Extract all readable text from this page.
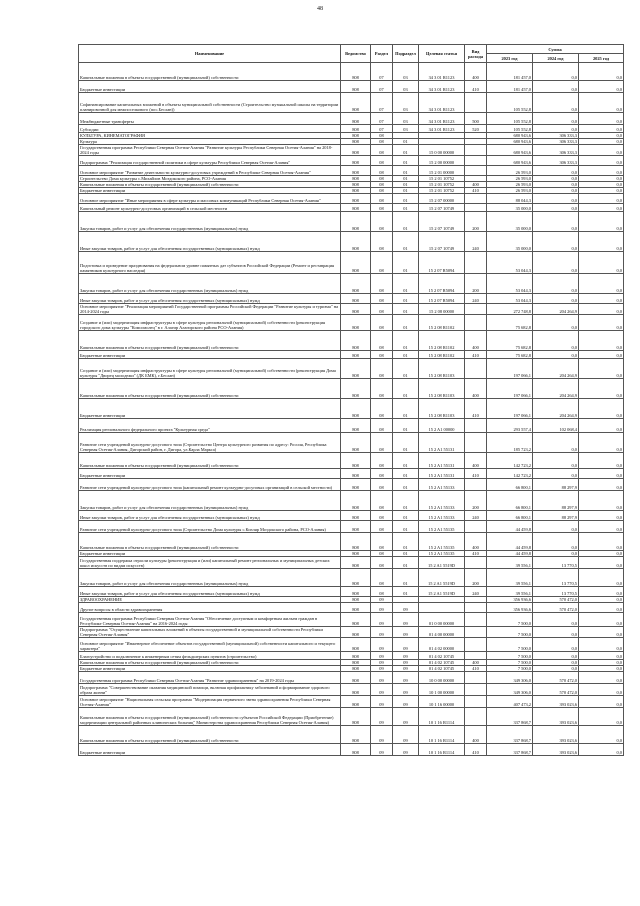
48
Наименование	Ведомство	Раздел	Подраздел	Целевая статья	Вид расхода	Сумма		
						2023 год	2024 год	2025 год
Капитальные вложения в объекты государственной (муниципальной) собственности	808	07	03	34 3 01 R1123	400	181 457,0	0,0	0,0
Бюджетные инвестиции	808	07	03	34 3 01 R1123	410	181 457,0	0,0	0,0
Софинансирование капитальных вложений в объекты муниципальной собственности (Строительство музыкальной школы на территории планировочной для межпоселкового (пос.Беслан))	808	07	03	34 3 01 R1123		105 552,8	0,0	0,0
Межбюджетные трансферты	808	07	03	34 3 01 R1123	500	105 552,8	0,0	0,0
Субсидии	808	07	03	34 3 01 R1123	520	105 552,8	0,0	0,0
КУЛЬТУРА, КИНЕМАТОГРАФИЯ	808	08				680 943,6	306 333,3	0,0
Культура	808	08	01			680 943,6	306 333,3	0,0
Государственная программа Республики Северная Осетия-Алания "Развитие культуры Республики Северная Осетия-Алания" на 2018-2024 годы	808	08	01	15 0 00 00000		680 943,6	306 333,3	0,0
Подпрограмма "Реализация государственной политики в сфере культуры Республики Северная Осетия-Алания"	808	08	01	15 2 00 00000		680 943,6	306 333,3	0,0
Основное мероприятие "Развитие деятельности культурно-досуговых учреждений в Республике Северная Осетия-Алания"	808	08	01	15 2 01 00000		26 593,0	0,0	0,0
Строительство Дома культуры с.Михайлов Моздокского района, РСО-Алания	808	08	01	15 2 01 10752		26 593,0	0,0	0,0
Капитальные вложения в объекты государственной (муниципальной) собственности	808	08	01	15 2 01 10752	400	26 593,0	0,0	0,0
Бюджетные инвестиции	808	08	01	15 2 01 10752	410	26 593,0	0,0	0,0
Основное мероприятие "Иные мероприятия в сфере культуры и массовых коммуникаций Республики Северная Осетия-Алания"	808	08	01	15 2 07 00000		88 044,3	0,0	0,0
Капитальный ремонт культурно-досуговых организаций в сельской местности	808	08	01	15 2 07 10749		35 000,0	0,0	0,0
Закупка товаров, работ и услуг для обеспечения государственных (муниципальных) нужд	808	08	01	15 2 07 10749	200	35 000,0	0,0	0,0
Иные закупки товаров, работ и услуг для обеспечения государственных (муниципальных) нужд	808	08	01	15 2 07 10749	240	35 000,0	0,0	0,0
Подготовка и проведение празднования на федеральном уровне памятных дат субъектов Российской Федерации (Ремонт и реставрация памятников культурного наследия)	808	08	01	15 2 07 R5094		53 044,3	0,0	0,0
Закупка товаров, работ и услуг для обеспечения государственных (муниципальных) нужд	808	08	01	15 2 07 R5094	200	53 044,3	0,0	0,0
Иные закупки товаров, работ и услуг для обеспечения государственных (муниципальных) нужд	808	08	01	15 2 07 R5094	240	53 044,3	0,0	0,0
Основное мероприятие "Реализация мероприятий Государственной программы Российской Федерации "Развитие культуры и туризма" на 2014-2024 годы	808	08	01	15 2 08 00000		272 748,8	204 264,9	0,0
Создание и (или) модернизация инфраструктуры в сфере культуры региональной (муниципальной) собственности (реконструкция городского дома культуры "Комсомолец" в г. Алагир Алагирского района РСО-Алания)	808	08	01	15 2 08 R1102		75 682,8	0,0	0,0
Капитальные вложения в объекты государственной (муниципальной) собственности	808	08	01	15 2 08 R1102	400	75 682,8	0,0	0,0
Бюджетные инвестиции	808	08	01	15 2 08 R1102	410	75 682,8	0,0	0,0
Создание и (или) модернизация инфраструктуры в сфере культуры региональной (муниципальной) собственности (реконструкция Дома культуры "Дворец молодежи" (ДК БМК), г.Беслан)	808	08	01	15 2 08 R1103		197 066,1	204 264,9	0,0
Капитальные вложения в объекты государственной (муниципальной) собственности	808	08	01	15 2 08 R1103	400	197 066,1	204 264,9	0,0
Бюджетные инвестиции	808	08	01	15 2 08 R1103	410	197 066,1	204 264,9	0,0
Реализация регионального федерального проекта "Культурная среда"	808	08	01	15 2 A1 00000		293 557,4	102 068,4	0,0
Развитие сети учреждений культурно-досугового типа (Строительство Центра культурного развития по адресу: Россия, Республика Северная Осетия-Алания, Дигорский район, г. Дигора, ул.Карла Маркса)	808	08	01	15 2 A1 55131		185 723,2	0,0	0,0
Капитальные вложения в объекты государственной (муниципальной) собственности	808	08	01	15 2 A1 55131	400	142 723,2	0,0	0,0
Бюджетные инвестиции	808	08	01	15 2 A1 55131	410	142 723,2	0,0	0,0
Развитие сети учреждений культурно-досугового типа (капитальный ремонт культурно-досуговых организаций в сельской местности)	808	08	01	15 2 A1 55133		66 800,1	88 297,9	0,0
Закупка товаров, работ и услуг для обеспечения государственных (муниципальных) нужд	808	08	01	15 2 A1 55133	200	66 800,1	88 297,9	0,0
Иные закупки товаров, работ и услуг для обеспечения государственных (муниципальных) нужд	808	08	01	15 2 A1 55133	240	66 800,1	88 297,9	0,0
Развитие сети учреждений культурно-досугового типа (Строительство Дома культуры с.Кизляр Моздокского района, РСО-Алания)	808	08	01	15 2 A1 55135		44 459,8	0,0	0,0
Капитальные вложения в объекты государственной (муниципальной) собственности	808	08	01	15 2 A1 55135	400	44 459,8	0,0	0,0
Бюджетные инвестиции	808	08	01	15 2 A1 55135	410	44 459,8	0,0	0,0
Государственная поддержка отрасли культуры (реконструкция и (или) капитальный ремонт региональных и муниципальных детских школ искусств по видам искусств)	808	08	01	15 2 A1 5519D		39 556,1	13 770,5	0,0
Закупка товаров, работ и услуг для обеспечения государственных (муниципальных) нужд	808	08	01	15 2 A1 5519D	200	39 556,1	13 770,5	0,0
Иные закупки товаров, работ и услуг для обеспечения государственных (муниципальных) нужд	808	08	01	15 2 A1 5519D	240	39 556,1	13 770,5	0,0
ЗДРАВООХРАНЕНИЕ	808	09				356 936,6	570 472,0	0,0
Другие вопросы в области здравоохранения	808	09	09			356 936,6	570 472,0	0,0
Государственная программа Республики Северная Осетия-Алания "Обеспечение доступным и комфортным жильем граждан в Республике Северная Осетия-Алания" на 2016-2024 годы	808	09	09	01 0 00 00000		7 500,0	0,0	0,0
Подпрограмма "Осуществление капитальных вложений в объекты государственной и муниципальной собственности Республики Северная Осетия-Алания"	808	09	09	01 4 00 00000		7 500,0	0,0	0,0
Основное мероприятие "Инженерное обеспечение объектов государственной (муниципальной) собственности капитального и текущего характера"	808	09	09	01 4 02 00000		7 500,0	0,0	0,0
Благоустройство и подключение к инженерным сетям фельдшерских пунктов (строительство)	808	09	09	01 4 02 10745		7 500,0	0,0	0,0
Капитальные вложения в объекты государственной (муниципальной) собственности	808	09	09	01 4 02 10745	400	7 500,0	0,0	0,0
Бюджетные инвестиции	808	09	09	01 4 02 10745	410	7 500,0	0,0	0,0
Государственная программа Республики Северная Осетия-Алания "Развитие здравоохранения" на 2019-2024 годы	808	09	09	10 0 00 00000		349 306,0	570 472,0	0,0
Подпрограмма "Совершенствование оказания медицинской помощи, включая профилактику заболеваний и формирование здорового образа жизни"	808	09	09	10 1 00 00000		349 306,0	570 472,0	0,0
Основное мероприятие "Национальная сельская программа "Модернизация первичного звена здравоохранения Республики Северная Осетия-Алания"	808	09	09	10 1 16 00000		407 473,2	393 023,6	0,0
Капитальные вложения в объекты государственной (муниципальной) собственности субъектов Российской Федерации (Приобретение) модернизации центральной районных клинических больниц" Министерства здравоохранения Республики Северная Осетия-Алания)	808	09	09	10 1 16 R1114		337 868,7	393 023,6	0,0
Капитальные вложения в объекты государственной (муниципальной) собственности	808	09	09	10 1 16 R1114	400	337 868,7	393 023,6	0,0
Бюджетные инвестиции	808	09	09	10 1 16 R1114	410	337 868,7	393 023,6	0,0
